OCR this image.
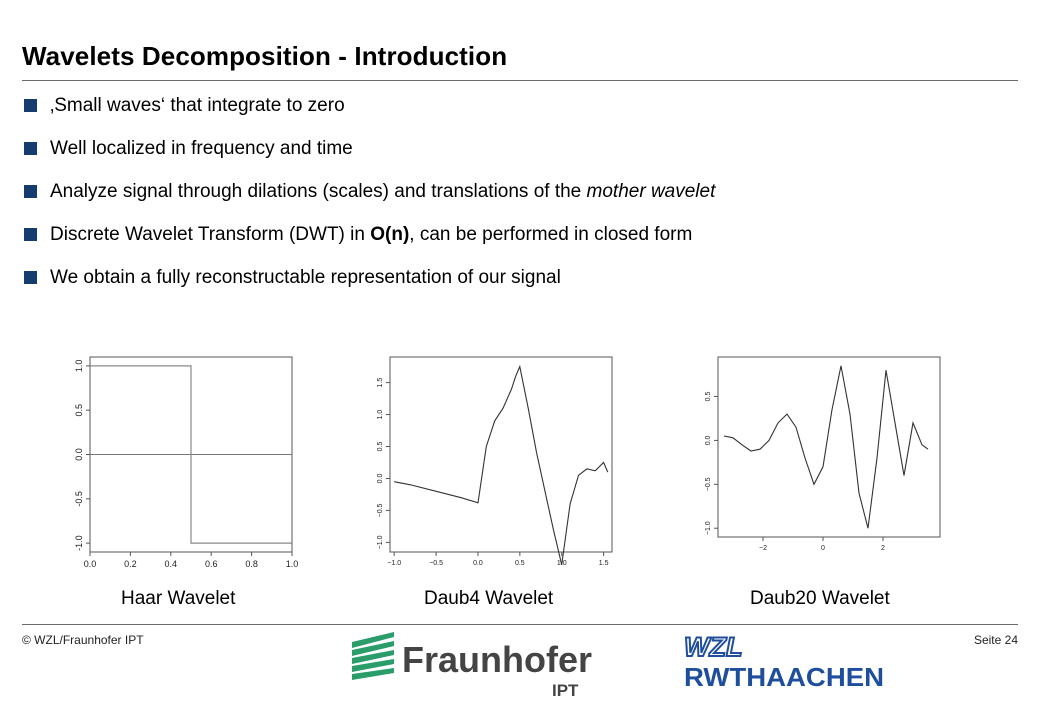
Wavelets Decomposition - Introduction
‚Small waves‘ that integrate to zero
Well localized in frequency and time
Analyze signal through dilations (scales) and translations of the mother wavelet
Discrete Wavelet Transform (DWT) in O(n), can be performed in closed form
We obtain a fully reconstructable representation of our signal
0.0	0.2	0.4	0.6	0.8	1.0
-1.0
-0.5
0.0
0.5
1.0
−1.0	−0.5	0.0	0.5	1.0	1.5
−1.0
−0.5
0.0
0.5
1.0
1.5
−2	0	2
−1.0
−0.5
0.0
0.5
Haar Wavelet	Daub4 Wavelet	Daub20 Wavelet
© WZL/Fraunhofer IPT	Seite 24
Fraunhofer
IPT
WZL
RWTHAACHEN
